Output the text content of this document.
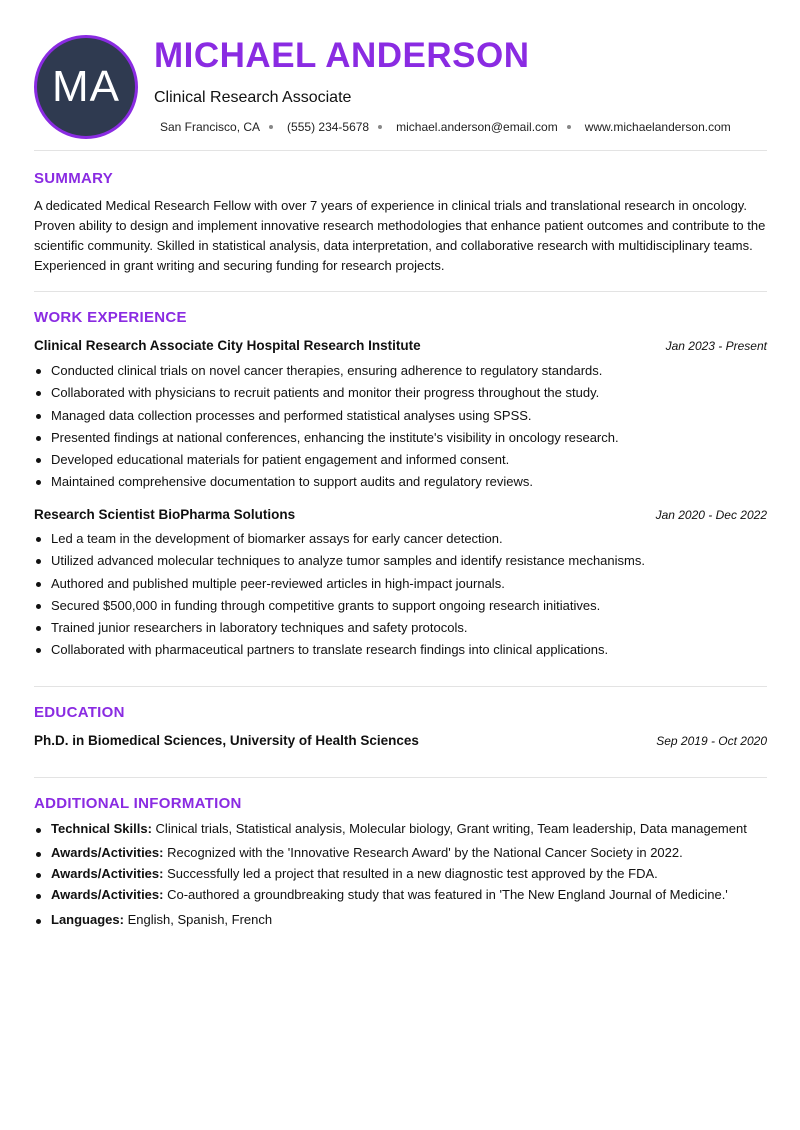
MA
MICHAEL ANDERSON
Clinical Research Associate
San Francisco, CA (555) 234-5678 michael.anderson@email.com www.michaelanderson.com
SUMMARY

A dedicated Medical Research Fellow with over 7 years of experience in clinical trials and translational research in oncology. Proven ability to design and implement innovative research methodologies that enhance patient outcomes and contribute to the scientific community. Skilled in statistical analysis, data interpretation, and collaborative research with multidisciplinary teams. Experienced in grant writing and securing funding for research projects.

WORK EXPERIENCE
Clinical Research Associate City Hospital Research Institute	Jan 2023 - Present
Conducted clinical trials on novel cancer therapies, ensuring adherence to regulatory standards.
Collaborated with physicians to recruit patients and monitor their progress throughout the study.
Managed data collection processes and performed statistical analyses using SPSS.
Presented findings at national conferences, enhancing the institute's visibility in oncology research.
Developed educational materials for patient engagement and informed consent.
Maintained comprehensive documentation to support audits and regulatory reviews.
Research Scientist BioPharma Solutions	Jan 2020 - Dec 2022
Led a team in the development of biomarker assays for early cancer detection.
Utilized advanced molecular techniques to analyze tumor samples and identify resistance mechanisms.
Authored and published multiple peer-reviewed articles in high-impact journals.
Secured $500,000 in funding through competitive grants to support ongoing research initiatives.
Trained junior researchers in laboratory techniques and safety protocols.
Collaborated with pharmaceutical partners to translate research findings into clinical applications.
EDUCATION
Ph.D. in Biomedical Sciences, University of Health Sciences	Sep 2019 - Oct 2020
ADDITIONAL INFORMATION
Technical Skills: Clinical trials, Statistical analysis, Molecular biology, Grant writing, Team leadership, Data management
Awards/Activities: Recognized with the 'Innovative Research Award' by the National Cancer Society in 2022.
Awards/Activities: Successfully led a project that resulted in a new diagnostic test approved by the FDA.
Awards/Activities: Co-authored a groundbreaking study that was featured in 'The New England Journal of Medicine.'
Languages: English, Spanish, French
